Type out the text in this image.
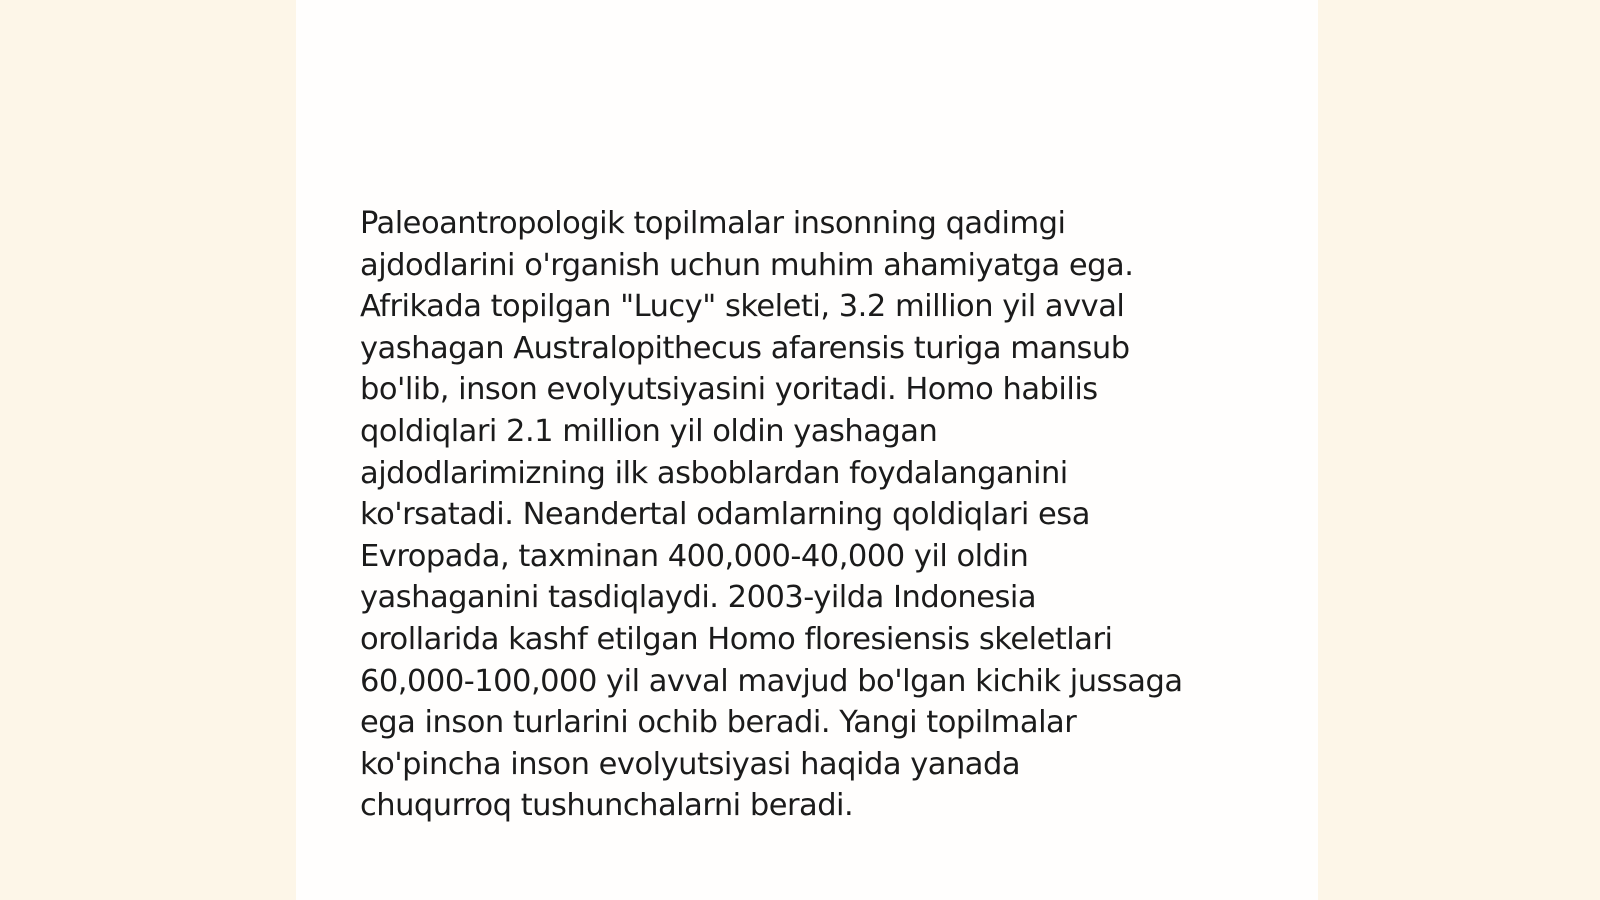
Paleoantropologik topilmalar insonning qadimgi
ajdodlarini o'rganish uchun muhim ahamiyatga ega.
Afrikada topilgan "Lucy" skeleti, 3.2 million yil avval
yashagan Australopithecus afarensis turiga mansub
bo'lib, inson evolyutsiyasini yoritadi. Homo habilis
qoldiqlari 2.1 million yil oldin yashagan
ajdodlarimizning ilk asboblardan foydalanganini
ko'rsatadi. Neandertal odamlarning qoldiqlari esa
Evropada, taxminan 400,000-40,000 yil oldin
yashaganini tasdiqlaydi. 2003-yilda Indonesia
orollarida kashf etilgan Homo floresiensis skeletlari
60,000-100,000 yil avval mavjud bo'lgan kichik jussaga
ega inson turlarini ochib beradi. Yangi topilmalar
ko'pincha inson evolyutsiyasi haqida yanada
chuqurroq tushunchalarni beradi.
